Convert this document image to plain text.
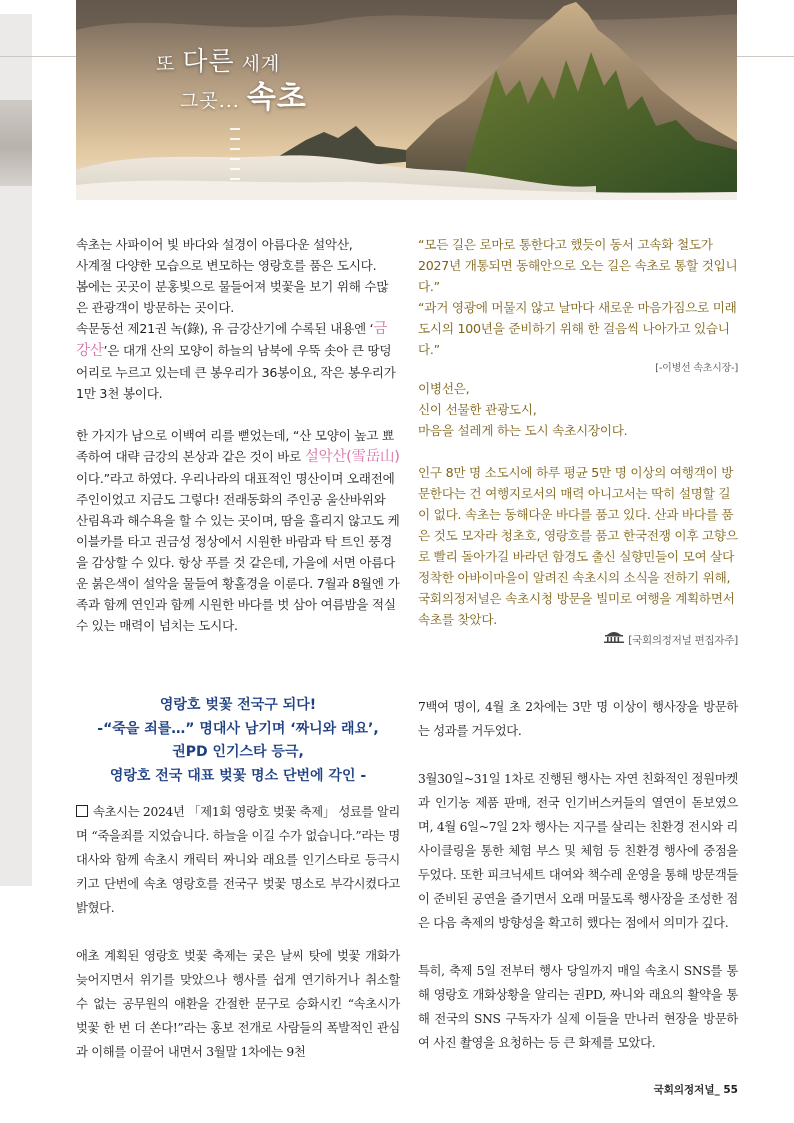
또 다른 세계
그곳... 속초

속초는 사파이어 빛 바다와 설경이 아름다운 설악산,

사계절 다양한 모습으로 변모하는 영랑호를 품은 도시다.

봄에는 곳곳이 분홍빛으로 물들어져 벚꽃을 보기 위해 수많은 관광객이 방문하는 곳이다.

속문동선 제21권 녹(錄), 유 금강산기에 수록된 내용엔 ‘금강산’은 대개 산의 모양이 하늘의 남북에 우뚝 솟아 큰 땅덩어리로 누르고 있는데 큰 봉우리가 36봉이요, 작은 봉우리가 1만 3천 봉이다.

한 가지가 남으로 이백여 리를 뻗었는데, “산 모양이 높고 뾰족하여 대략 금강의 본상과 같은 것이 바로 설악산(雪岳山) 이다.”라고 하였다. 우리나라의 대표적인 명산이며 오래전에 주인이었고 지금도 그렇다! 전래동화의 주인공 울산바위와 산림욕과 해수욕을 할 수 있는 곳이며, 땀을 흘리지 않고도 케이블카를 타고 권금성 정상에서 시원한 바람과 탁 트인 풍경을 감상할 수 있다. 항상 푸를 것 같은데, 가을에 서면 아름다운 붉은색이 설악을 물들여 황홀경을 이룬다. 7월과 8월엔 가족과 함께 연인과 함께 시원한 바다를 벗 삼아 여름밤을 적실 수 있는 매력이 넘치는 도시다.

“모든 길은 로마로 통한다고 했듯이 동서 고속화 철도가 2027년 개통되면 동해안으로 오는 길은 속초로 통할 것입니다.”

“과거 영광에 머물지 않고 날마다 새로운 마음가짐으로 미래도시의 100년을 준비하기 위해 한 걸음씩 나아가고 있습니다.”

[-이병선 속초시장-]

이병선은,

신이 선물한 관광도시,

마음을 설레게 하는 도시 속초시장이다.

인구 8만 명 소도시에 하루 평균 5만 명 이상의 여행객이 방문한다는 건 여행지로서의 매력 아니고서는 딱히 설명할 길이 없다. 속초는 동해다운 바다를 품고 있다. 산과 바다를 품은 것도 모자라 청초호, 영랑호를 품고 한국전쟁 이후 고향으로 빨리 돌아가길 바라던 함경도 출신 실향민들이 모여 살다 정착한 아바이마을이 알려진 속초시의 소식을 전하기 위해,

국회의정저널은 속초시청 방문을 빌미로 여행을 계획하면서 속초를 찾았다.

[국회의정저널 편집자주]

영랑호 벚꽃 전국구 되다!
-“죽을 죄를…” 명대사 남기며 ‘짜니와 래요’,
권PD 인기스타 등극,
영랑호 전국 대표 벚꽃 명소 단번에 각인 -

속초시는 2024년 「제1회 영랑호 벚꽃 축제」 성료를 알리며 “죽을죄를 지었습니다. 하늘을 이길 수가 없습니다.”라는 명대사와 함께 속초시 캐릭터 짜니와 래요를 인기스타로 등극시키고 단번에 속초 영랑호를 전국구 벚꽃 명소로 부각시켰다고 밝혔다.

애초 계획된 영랑호 벚꽃 축제는 궂은 날씨 탓에 벚꽃 개화가 늦어지면서 위기를 맞았으나 행사를 쉽게 연기하거나 취소할 수 없는 공무원의 애환을 간절한 문구로 승화시킨 “속초시가 벚꽃 한 번 더 쏜다!”라는 홍보 전개로 사람들의 폭발적인 관심과 이해를 이끌어 내면서 3월말 1차에는 9천

7백여 명이, 4월 초 2차에는 3만 명 이상이 행사장을 방문하는 성과를 거두었다.

3월30일~31일 1차로 진행된 행사는 자연 친화적인 정원마켓과 인기농 제품 판매, 전국 인기버스커들의 열연이 돋보였으며, 4월 6일~7일 2차 행사는 지구를 살리는 친환경 전시와 리사이클링을 통한 체험 부스 및 체험 등 친환경 행사에 중점을 두었다. 또한 피크닉세트 대여와 책수레 운영을 통해 방문객들이 준비된 공연을 즐기면서 오래 머물도록 행사장을 조성한 점은 다음 축제의 방향성을 확고히 했다는 점에서 의미가 깊다.

특히, 축제 5일 전부터 행사 당일까지 매일 속초시 SNS를 통해 영랑호 개화상황을 알리는 권PD, 짜니와 래요의 활약을 통해 전국의 SNS 구독자가 실제 이들을 만나러 현장을 방문하여 사진 촬영을 요청하는 등 큰 화제를 모았다.

국회의정저널_ 55
